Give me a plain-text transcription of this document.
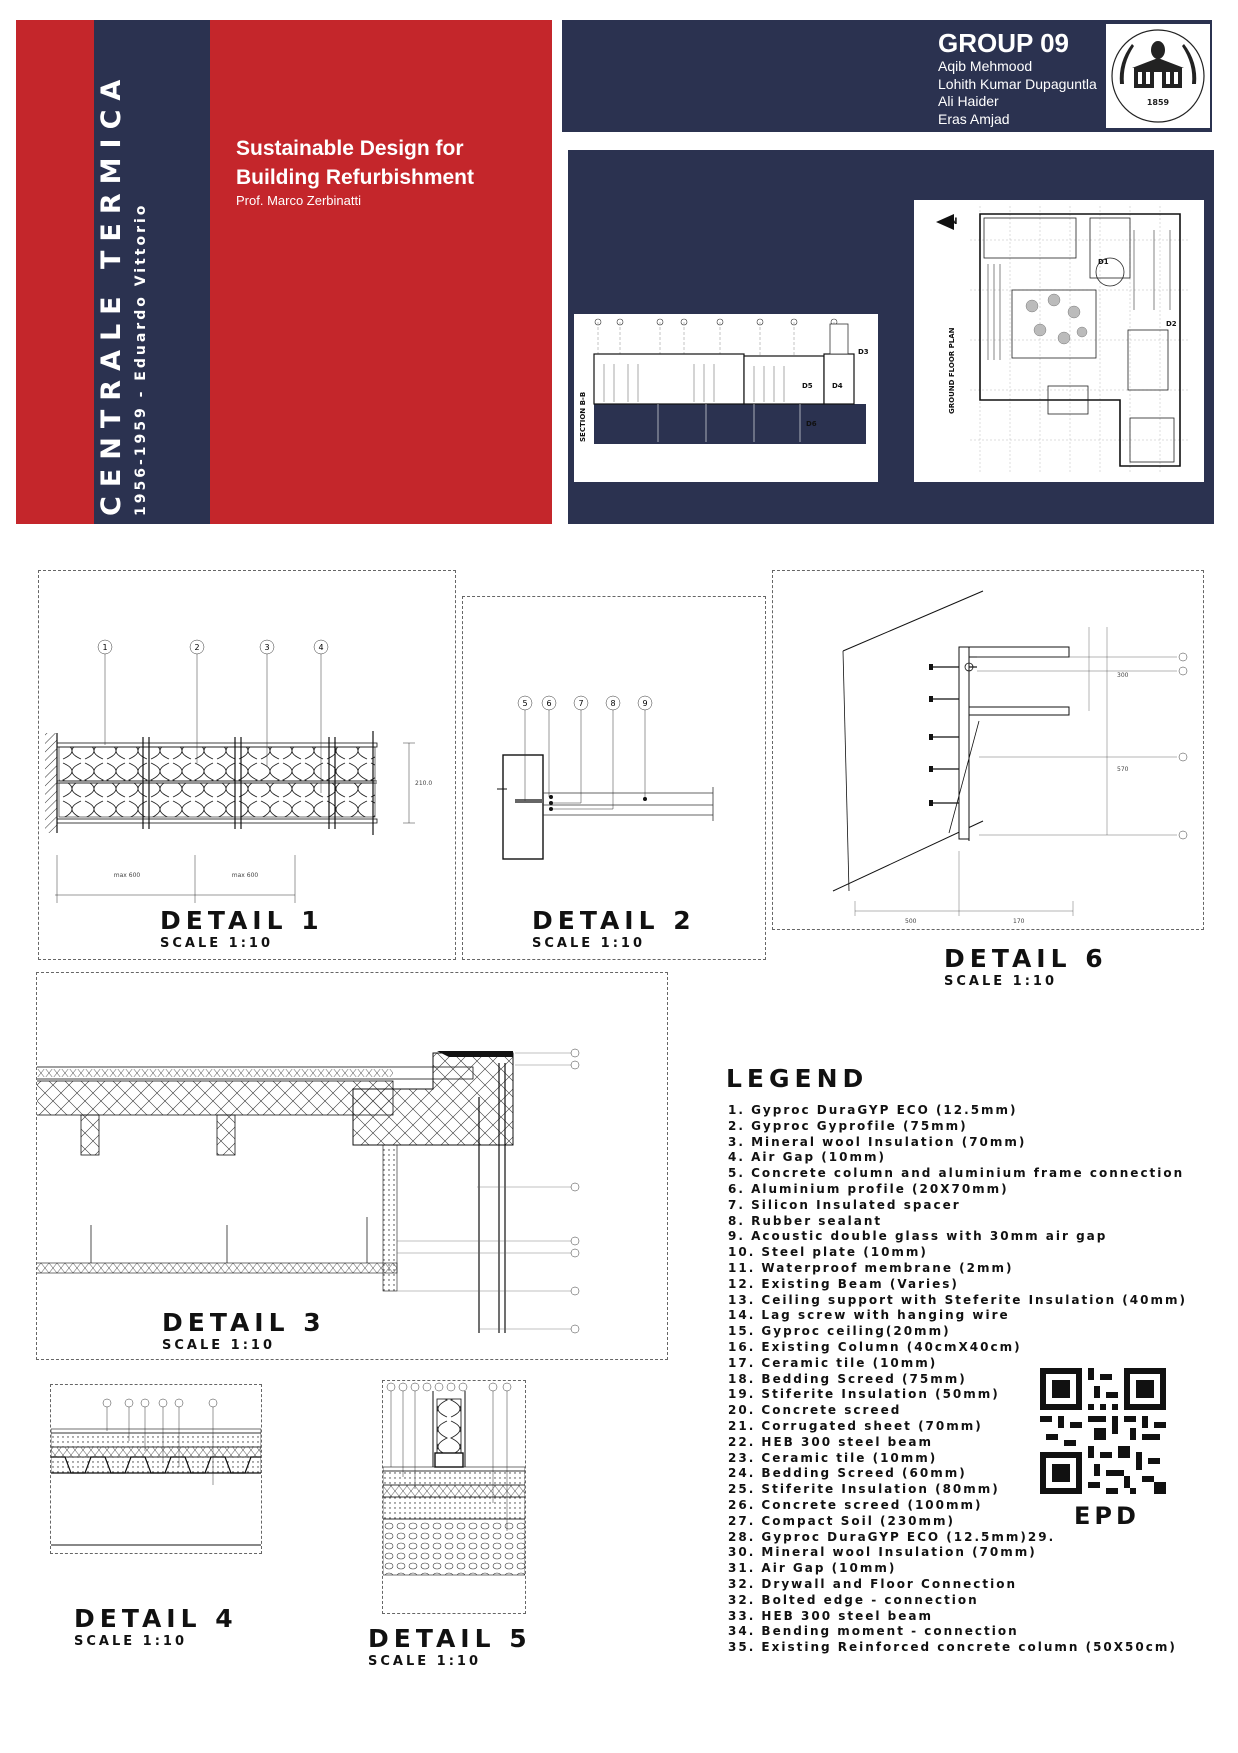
CENTRALE TERMICA 1956-1959 - Eduardo Vittorio
Sustainable Design for Building Refurbishment
Prof. Marco Zerbinatti
GROUP 09
Aqib Mehmood
Lohith Kumar Dupaguntla
Ali Haider
Eras Amjad
1859
D5	D4
D3
D6
SECTION B-B
N
D1
D2
GROUND FLOOR PLAN
1	2	3	4
max 600	max 600
210.0
DETAIL 1
SCALE 1:10
5 6	7	8	9
DETAIL 2
SCALE 1:10
300
570
500	170
DETAIL 6
SCALE 1:10
DETAIL 3
SCALE 1:10
DETAIL 4
SCALE 1:10	DETAIL 5
SCALE 1:10
LEGEND
1. Gyproc DuraGYP ECO (12.5mm)
2. Gyproc Gyprofile (75mm)
3. Mineral wool Insulation (70mm)
4. Air Gap (10mm)
5. Concrete column and aluminium frame connection
6. Aluminium profile (20X70mm)
7. Silicon Insulated spacer
8. Rubber sealant
9. Acoustic double glass with 30mm air gap
10. Steel plate (10mm)
11. Waterproof membrane (2mm)
12. Existing Beam (Varies)
13. Ceiling support with Steferite Insulation (40mm)
14. Lag screw with hanging wire
15. Gyproc ceiling(20mm)
16. Existing Column (40cmX40cm)
17. Ceramic tile (10mm)
18. Bedding Screed (75mm)
19. Stiferite Insulation (50mm)
20. Concrete screed
21. Corrugated sheet (70mm)
22. HEB 300 steel beam
23. Ceramic tile (10mm)
24. Bedding Screed (60mm)
25. Stiferite Insulation (80mm)
26. Concrete screed (100mm)
27. Compact Soil (230mm)
28. Gyproc DuraGYP ECO (12.5mm)29.
30. Mineral wool Insulation (70mm)
31. Air Gap (10mm)
32. Drywall and Floor Connection
32. Bolted edge - connection
33. HEB 300 steel beam
34. Bending moment - connection
35. Existing Reinforced concrete column (50X50cm)
EPD
